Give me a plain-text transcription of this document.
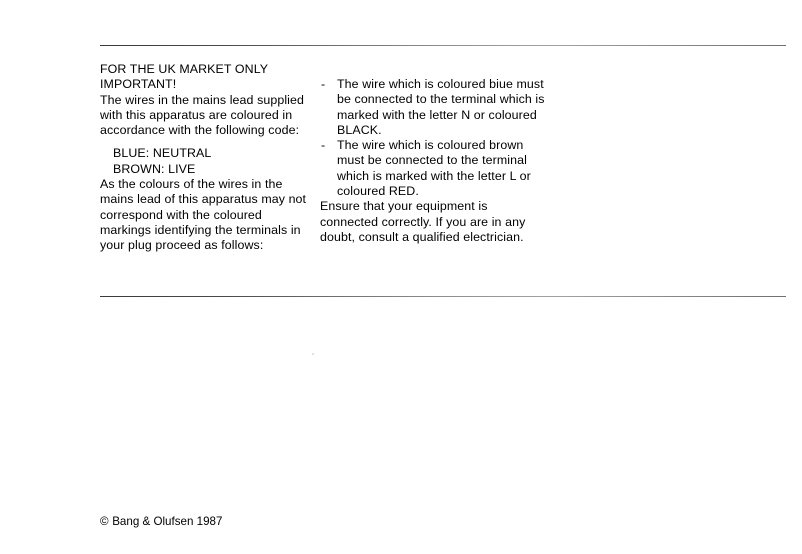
FOR THE UK MARKET ONLY
IMPORTANT!
The wires in the mains lead supplied with this apparatus are coloured in accordance with the following code:

BLUE: NEUTRAL
BROWN: LIVE

As the colours of the wires in the mains lead of this apparatus may not correspond with the coloured markings identifying the terminals in your plug proceed as follows:

- The wire which is coloured biue must be connected to the terminal which is marked with the letter N or coloured BLACK.
- The wire which is coloured brown must be connected to the terminal which is marked with the letter L or coloured RED.

Ensure that your equipment is connected correctly. If you are in any doubt, consult a qualified electrician.

© Bang & Olufsen 1987
